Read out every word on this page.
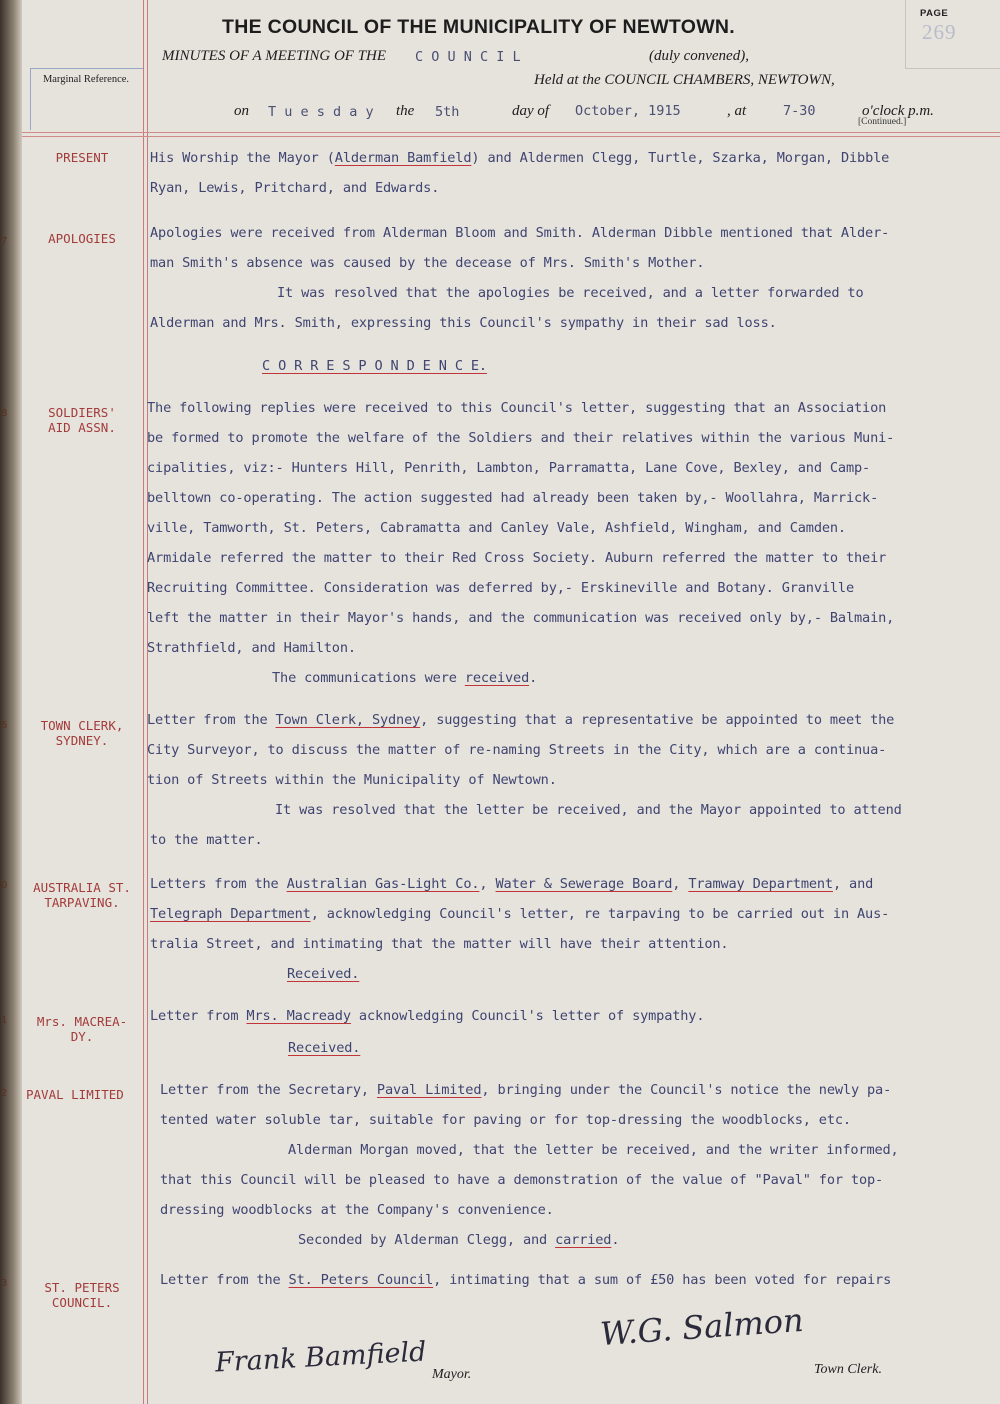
7
8
6
0
1
2
3
PAGE
269
THE COUNCIL OF THE MUNICIPALITY OF NEWTOWN.
MINUTES OF A MEETING OF THE C O U N C I L	(duly convened),
Held at the COUNCIL CHAMBERS, NEWTOWN,
Marginal Reference.
on T u e s d a y the 5th	day of October, 1915	, at	7-30	o'clock p.m.
[Continued.]
PRESENT
APOLOGIES
SOLDIERS'
AID ASSN.
TOWN CLERK,
SYDNEY.
AUSTRALIA ST.
TARPAVING.
Mrs. MACREA-
DY.
PAVAL LIMITED
ST. PETERS
COUNCIL.
His Worship the Mayor (Alderman Bamfield) and Aldermen Clegg, Turtle, Szarka, Morgan, Dibble
Ryan, Lewis, Pritchard, and Edwards.
Apologies were received from Alderman Bloom and Smith. Alderman Dibble mentioned that Alder-
man Smith's absence was caused by the decease of Mrs. Smith's Mother.
It was resolved that the apologies be received, and a letter forwarded to
Alderman and Mrs. Smith, expressing this Council's sympathy in their sad loss.
C O R R E S P O N D E N C E.
The following replies were received to this Council's letter, suggesting that an Association
be formed to promote the welfare of the Soldiers and their relatives within the various Muni-
cipalities, viz:- Hunters Hill, Penrith, Lambton, Parramatta, Lane Cove, Bexley, and Camp-
belltown co-operating. The action suggested had already been taken by,- Woollahra, Marrick-
ville, Tamworth, St. Peters, Cabramatta and Canley Vale, Ashfield, Wingham, and Camden.
Armidale referred the matter to their Red Cross Society. Auburn referred the matter to their
Recruiting Committee. Consideration was deferred by,- Erskineville and Botany. Granville
left the matter in their Mayor's hands, and the communication was received only by,- Balmain,
Strathfield, and Hamilton.
The communications were received.
Letter from the Town Clerk, Sydney, suggesting that a representative be appointed to meet the
City Surveyor, to discuss the matter of re-naming Streets in the City, which are a continua-
tion of Streets within the Municipality of Newtown.
It was resolved that the letter be received, and the Mayor appointed to attend
to the matter.
Letters from the Australian Gas-Light Co., Water & Sewerage Board, Tramway Department, and
Telegraph Department, acknowledging Council's letter, re tarpaving to be carried out in Aus-
tralia Street, and intimating that the matter will have their attention.
Received.
Letter from Mrs. Macready acknowledging Council's letter of sympathy.
Received.
Letter from the Secretary, Paval Limited, bringing under the Council's notice the newly pa-
tented water soluble tar, suitable for paving or for top-dressing the woodblocks, etc.
Alderman Morgan moved, that the letter be received, and the writer informed,
that this Council will be pleased to have a demonstration of the value of "Paval" for top-
dressing woodblocks at the Company's convenience.
Seconded by Alderman Clegg, and carried.
Letter from the St. Peters Council, intimating that a sum of £50 has been voted for repairs
Frank Bamfield Mayor.
W.G. Salmon
Town Clerk.
